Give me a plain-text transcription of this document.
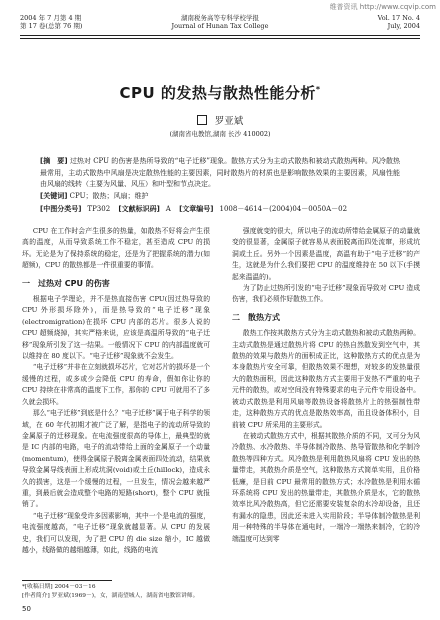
维普资讯 http://www.cqvip.com
2004 年 7 月第 4 期
第 17 卷(总第 76 期)
湖南税务高等专科学校学报
Journal of Hunan Tax College
Vol. 17 No. 4
July, 2004
CPU 的发热与散热性能分析*
罗亚斌
(湖南省电教馆,湖南 长沙 410002)
[摘　要] 过热对 CPU 的伤害是热所导致的“电子迁移”现象。散热方式分为主动式散热和被动式散热两种。风冷散热最常用，主动式散热中风扇是决定散热性能的主要因素，同时散热片的材质也是影响散热效果的主要因素，风扇性能由风扇的线转（主要为风量、风压）和叶型和节点决定。
[关键词] CPU；散热；风扇；维护
[中图分类号] TP302 [文献标识码] A [文章编号] 1008－4614－(2004)04－0050A－02

CPU 在工作时会产生很多的热量，如散热不好将会产生很高的温度，从而导致系统工作不稳定，甚至造成 CPU 的损坏。无论是为了保持系统的稳定，还是为了把握系统的潜力(如超频)，CPU 的散热都是一件很重要的事情。

一　过热对 CPU 的伤害

根据电子学理论，并不是热直接伤害 CPU(因过热导致的 CPU 外形损坏除外)，而是热导致的“电子迁移”现象(electromigration)在损坏 CPU 内部的芯片。很多人说的 CPU 超频烧掉，其实严格来说，应该是高温所导致的“电子迁移”现象所引发了这一结果。一般情况下 CPU 的内部温度就可以维持在 80 度以下。“电子迁移”现象就不会发生。

“电子迁移”并非在立刻就损坏芯片，它对芯片的损坏是一个缓慢的过程，或多或少会降低 CPU 的寿命，假如你让你的 CPU 持续在非常高的温度下工作，那你的 CPU 可就用不了多久就会损坏。

那么“电子迁移”到底是什么？“电子迁移”属于电子科学的领域，在 60 年代初期才被广泛了解，是指电子的流动所导致的金属原子的迁移现象。在电流强度很高的导体上，最典型的就是 IC 内部的电路，电子的流动带给上面的金属原子一个动量(momentum)，使得金属原子脱离金属表面四处流动，结果就导致金属导线表面上形成坑洞(void)或土丘(hillock)，造成永久的损害，这是一个缓慢的过程，一旦发生，情况会越来越严重，到最后就会造成整个电路的短路(short)，整个 CPU 就报销了。

“电子迁移”现象受许多因素影响，其中一个是电流的强度，电流强度越高，“电子迁移”现象就越显著。从 CPU 的发展史，我们可以发现，为了把 CPU 的 die size 缩小，IC 越做越小，线路做的越细越薄，如此，线路的电流

强度就变的很大，所以电子的流动所带给金属原子的动量就变的很显著，金属原子就容易从表面脱离而四处流窜，形成坑洞或土丘。另外一个因素是温度，高温有助于“电子迁移”的产生，这就是为什么我们要把 CPU 的温度维持在 50 以下(手摸起来温温的)。

为了防止过热所引发的“电子迁移”现象而导致对 CPU 造成伤害，我们必须作好散热工作。

二　散热方式

散热工作按其散热方式分为主动式散热和被动式散热两种。主动式散热是通过散热片将 CPU 的热自然散发到空气中，其散热的效果与散热片的面积成正比，这种散热方式的优点是为本身散热片安全可靠，但散热效果不理想，对较多的发热量很大的散热面积，因此这种散热方式主要用于发热不严重的电子元件的散热，或对空间没有特殊要求的电子元件专用设备中。被动式散热是利用风扇等散热设备将散热片上的热强制性带走，这种散热方式的优点是散热效率高，而且设备体积小，目前被 CPU 所采用的主要形式。

在被动式散热方式中，根据其散热介质的不同，又可分为风冷散热、水冷散热、半导体制冷散热、热导管散热和化学制冷散热等四种方式。风冷散热是利用散热风扇将 CPU 发出的热量带走，其散热介质是空气，这种散热方式简单实用，且价格低廉，是目前 CPU 最常用的散热方式；水冷散热是利用水循环系统将 CPU 发出的热量带走，其散热介质是水，它的散热效率比风冷散热高，但它还需要安装复杂的水冷却设备，且还有漏水的隐患，因此还未进入实用阶段；半导体制冷散热是利用一种特殊的半导体在通电时，一端冷一端热来制冷，它的冷端温度可达到零

*[收稿日期] 2004－03－16
[作者简介] 罗亚斌(1969－)，女，湖南望城人，湖南省电教馆讲师。
50
